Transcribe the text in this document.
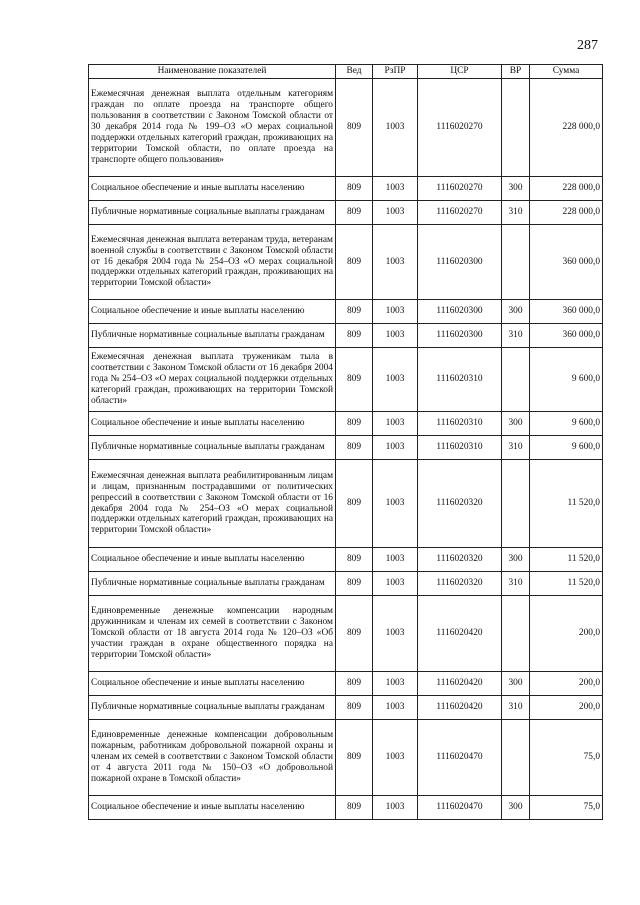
287
Наименование показателей	Вед	РзПР	ЦСР	ВР	Сумма
Ежемесячная денежная выплата отдельным категориям граждан по оплате проезда на транспорте общего пользования в соответствии с Законом Томской области от 30 декабря 2014 года № 199–ОЗ «О мерах социальной поддержки отдельных категорий граждан, проживающих на территории Томской области, по оплате проезда на транспорте общего пользования»	809	1003	1116020270		228 000,0
Социальное обеспечение и иные выплаты населению	809	1003	1116020270	300	228 000,0
Публичные нормативные социальные выплаты гражданам	809	1003	1116020270	310	228 000,0
Ежемесячная денежная выплата ветеранам труда, ветеранам военной службы в соответствии с Законом Томской области от 16 декабря 2004 года № 254–ОЗ «О мерах социальной поддержки отдельных категорий граждан, проживающих на территории Томской области»	809	1003	1116020300		360 000,0
Социальное обеспечение и иные выплаты населению	809	1003	1116020300	300	360 000,0
Публичные нормативные социальные выплаты гражданам	809	1003	1116020300	310	360 000,0
Ежемесячная денежная выплата труженикам тыла в соответствии с Законом Томской области от 16 декабря 2004 года № 254–ОЗ «О мерах социальной поддержки отдельных категорий граждан, проживающих на территории Томской области»	809	1003	1116020310		9 600,0
Социальное обеспечение и иные выплаты населению	809	1003	1116020310	300	9 600,0
Публичные нормативные социальные выплаты гражданам	809	1003	1116020310	310	9 600,0
Ежемесячная денежная выплата реабилитированным лицам и лицам, признанным пострадавшими от политических репрессий в соответствии с Законом Томской области от 16 декабря 2004 года № 254–ОЗ «О мерах социальной поддержки отдельных категорий граждан, проживающих на территории Томской области»	809	1003	1116020320		11 520,0
Социальное обеспечение и иные выплаты населению	809	1003	1116020320	300	11 520,0
Публичные нормативные социальные выплаты гражданам	809	1003	1116020320	310	11 520,0
Единовременные денежные компенсации народным дружинникам и членам их семей в соответствии с Законом Томской области от 18 августа 2014 года № 120–ОЗ «Об участии граждан в охране общественного порядка на территории Томской области»	809	1003	1116020420		200,0
Социальное обеспечение и иные выплаты населению	809	1003	1116020420	300	200,0
Публичные нормативные социальные выплаты гражданам	809	1003	1116020420	310	200,0
Единовременные денежные компенсации добровольным пожарным, работникам добровольной пожарной охраны и членам их семей в соответствии с Законом Томской области от 4 августа 2011 года № 150–ОЗ «О добровольной пожарной охране в Томской области»	809	1003	1116020470		75,0
Социальное обеспечение и иные выплаты населению	809	1003	1116020470	300	75,0
